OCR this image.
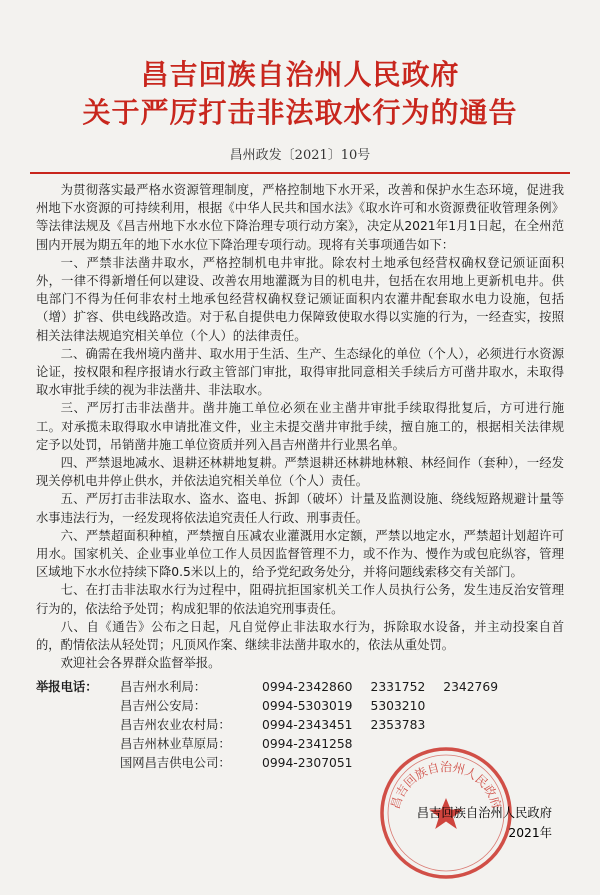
昌吉回族自治州人民政府
关于严厉打击非法取水行为的通告
昌州政发〔2021〕10号

为贯彻落实最严格水资源管理制度，严格控制地下水开采，改善和保护水生态环境，促进我州地下水资源的可持续利用，根据《中华人民共和国水法》《取水许可和水资源费征收管理条例》等法律法规及《昌吉州地下水水位下降治理专项行动方案》，决定从2021年1月1日起，在全州范围内开展为期五年的地下水水位下降治理专项行动。现将有关事项通告如下：

一、严禁非法凿井取水，严格控制机电井审批。除农村土地承包经营权确权登记颁证面积外，一律不得新增任何以建设、改善农用地灌溉为目的机电井，包括在农用地上更新机电井。供电部门不得为任何非农村土地承包经营权确权登记颁证面积内农灌井配套取水电力设施，包括（增）扩容、供电线路改造。对于私自提供电力保障致使取水得以实施的行为，一经查实，按照相关法律法规追究相关单位（个人）的法律责任。

二、确需在我州境内凿井、取水用于生活、生产、生态绿化的单位（个人），必须进行水资源论证，按权限和程序报请水行政主管部门审批，取得审批同意相关手续后方可凿井取水，未取得取水审批手续的视为非法凿井、非法取水。

三、严厉打击非法凿井。凿井施工单位必须在业主凿井审批手续取得批复后，方可进行施工。对承揽未取得取水申请批准文件，业主未提交凿井审批手续，擅自施工的，根据相关法律规定予以处罚，吊销凿井施工单位资质并列入昌吉州凿井行业黑名单。

四、严禁退地减水、退耕还林耕地复耕。严禁退耕还林耕地林粮、林经间作（套种），一经发现关停机电井停止供水，并依法追究相关单位（个人）责任。

五、严厉打击非法取水、盗水、盗电、拆卸（破坏）计量及监测设施、绕线短路规避计量等水事违法行为，一经发现将依法追究责任人行政、刑事责任。

六、严禁超面积种植，严禁擅自压减农业灌溉用水定额，严禁以地定水，严禁超计划超许可用水。国家机关、企业事业单位工作人员因监督管理不力，或不作为、慢作为或包庇纵容，管理区域地下水水位持续下降0.5米以上的，给予党纪政务处分，并将问题线索移交有关部门。

七、在打击非法取水行为过程中，阻碍抗拒国家机关工作人员执行公务，发生违反治安管理行为的，依法给予处罚；构成犯罪的依法追究刑事责任。

八、自《通告》公布之日起，凡自觉停止非法取水行为，拆除取水设备，并主动投案自首的，酌情依法从轻处罚；凡顶风作案、继续非法凿井取水的，依法从重处罚。

欢迎社会各界群众监督举报。

举报电话：	昌吉州水利局：	0994-2342860 2331752 2342769
昌吉州公安局：	0994-5303019 5303210
昌吉州农业农村局：	0994-2343451 2353783
昌吉州林业草原局：	0994-2341258
国网昌吉供电公司：	0994-2307051
昌吉回族自治州人民政府
昌吉回族自治州人民政府
2021年
